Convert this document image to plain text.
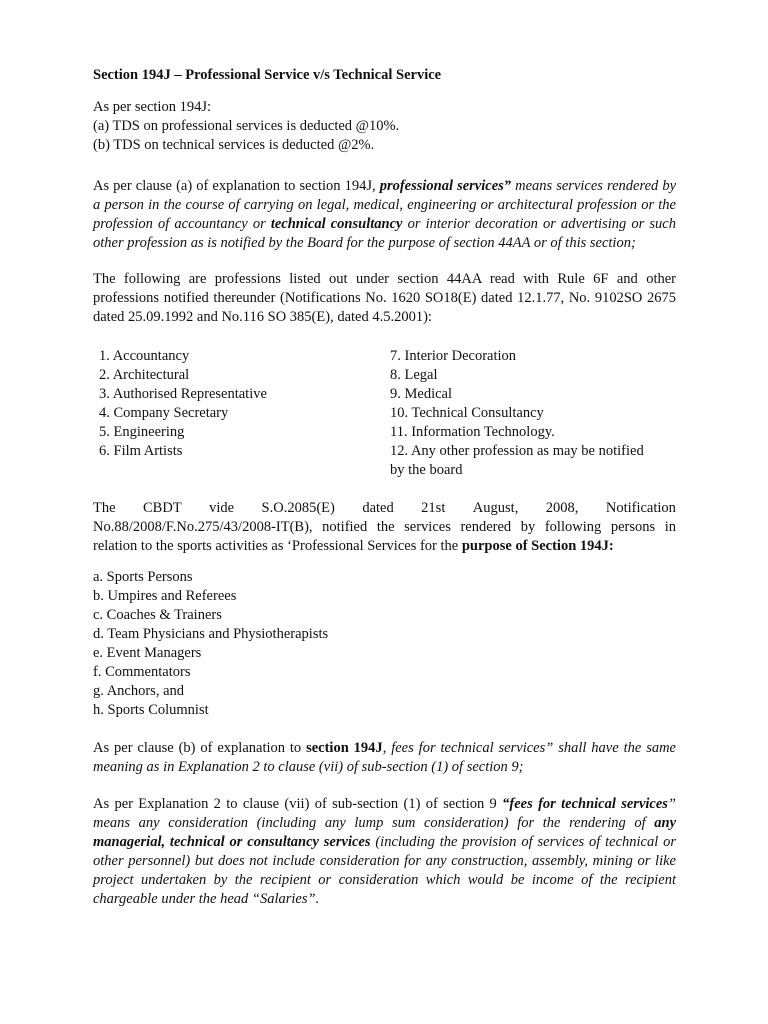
Section 194J – Professional Service v/s Technical Service

As per section 194J:

(a) TDS on professional services is deducted @10%.

(b) TDS on technical services is deducted @2%.

As per clause (a) of explanation to section 194J, professional services” means services rendered by a person in the course of carrying on legal, medical, engineering or architectural profession or the profession of accountancy or technical consultancy or interior decoration or advertising or such other profession as is notified by the Board for the purpose of section 44AA or of this section;

The following are professions listed out under section 44AA read with Rule 6F and other professions notified thereunder (Notifications No. 1620 SO18(E) dated 12.1.77, No. 9102SO 2675 dated 25.09.1992 and No.116 SO 385(E), dated 4.5.2001):

1. Accountancy
2. Architectural
3. Authorised Representative
4. Company Secretary
5. Engineering
6. Film Artists
7. Interior Decoration
8. Legal
9. Medical
10. Technical Consultancy
11. Information Technology.
12. Any other profession as may be notified
by the board
The CBDT vide S.O.2085(E) dated 21st August, 2008, Notification

No.88/2008/F.No.275/43/2008-IT(B), notified the services rendered by following persons in relation to the sports activities as ‘Professional Services for the purpose of Section 194J:

a. Sports Persons
b. Umpires and Referees
c. Coaches & Trainers
d. Team Physicians and Physiotherapists
e. Event Managers
f. Commentators
g. Anchors, and
h. Sports Columnist

As per clause (b) of explanation to section 194J, fees for technical services” shall have the same meaning as in Explanation 2 to clause (vii) of sub-section (1) of section 9;

As per Explanation 2 to clause (vii) of sub-section (1) of section 9 “fees for technical services” means any consideration (including any lump sum consideration) for the rendering of any managerial, technical or consultancy services (including the provision of services of technical or other personnel) but does not include consideration for any construction, assembly, mining or like project undertaken by the recipient or consideration which would be income of the recipient chargeable under the head “Salaries”.
